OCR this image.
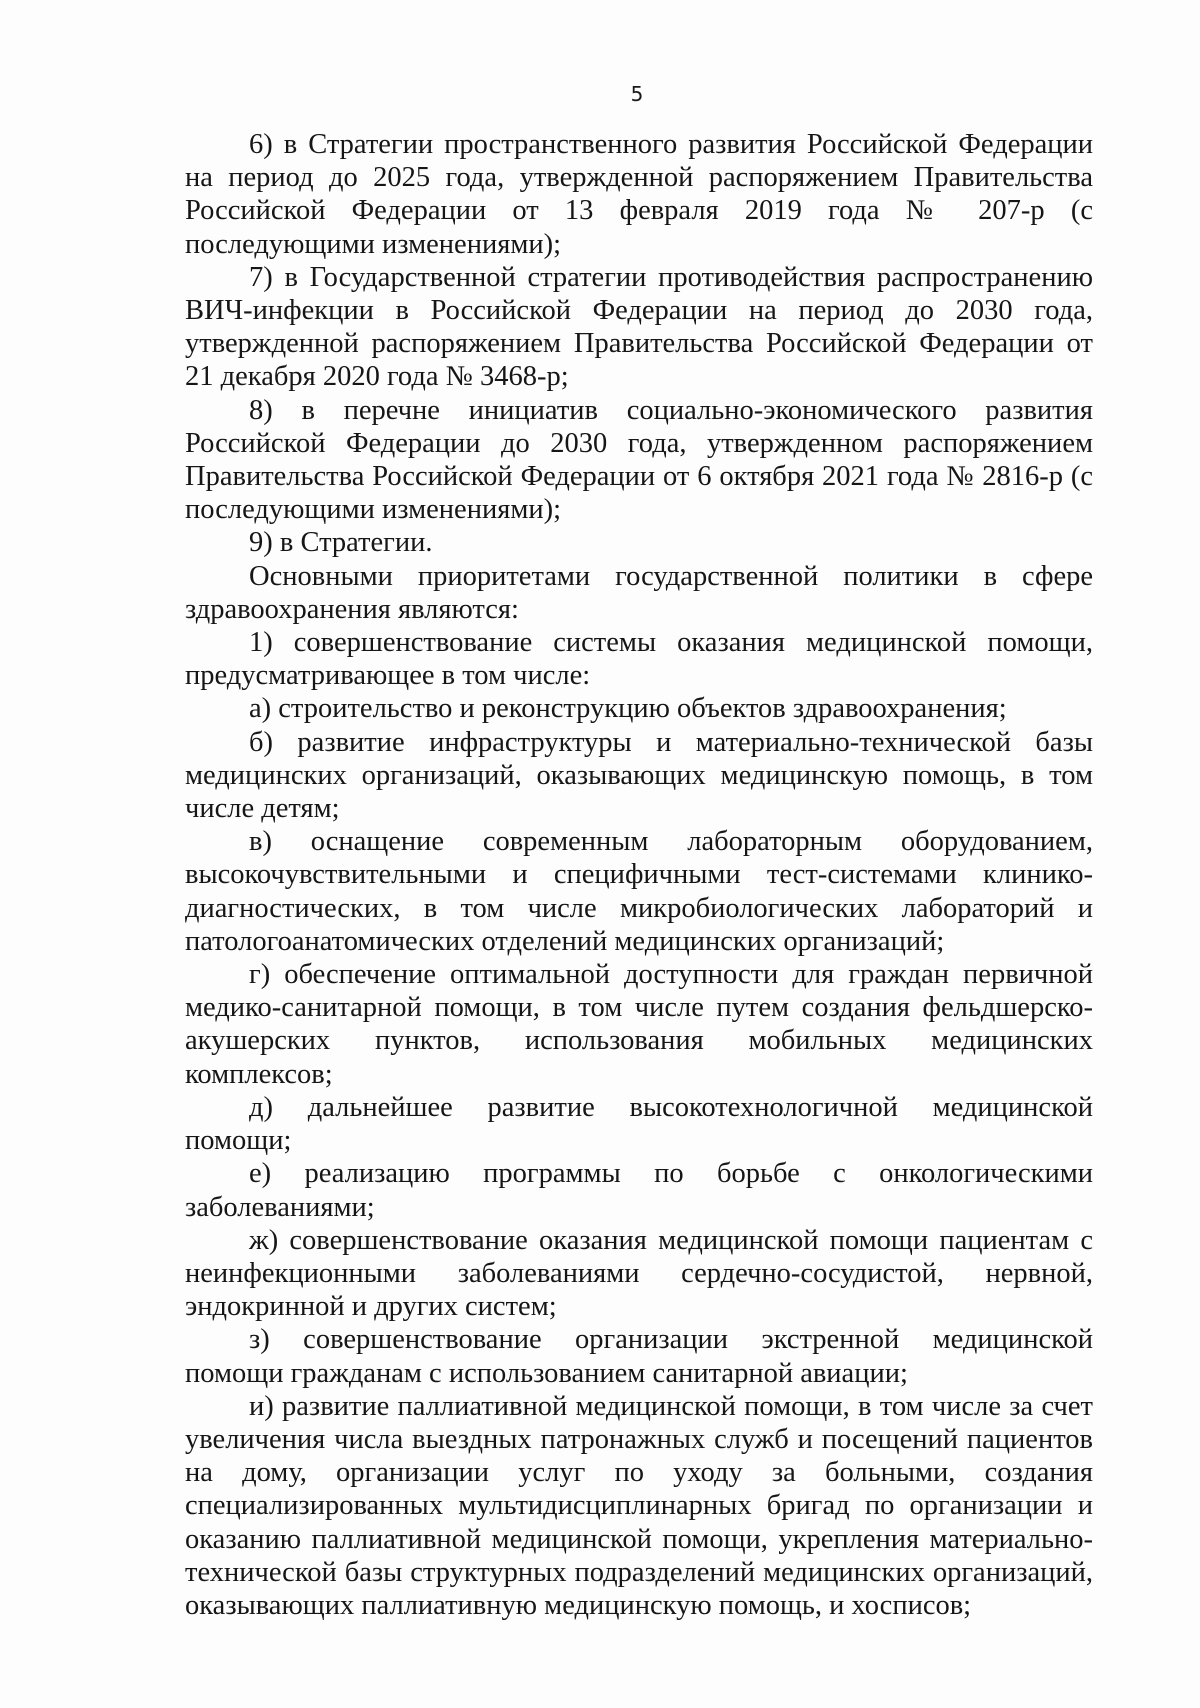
5

6) в Стратегии пространственного развития Российской Федерации на период до 2025 года, утвержденной распоряжением Правительства Российской Федерации от 13 февраля 2019 года № 207-р (с последующими изменениями);

7) в Государственной стратегии противодействия распространению ВИЧ-инфекции в Российской Федерации на период до 2030 года, утвержденной распоряжением Правительства Российской Федерации от 21 декабря 2020 года № 3468-р;

8) в перечне инициатив социально-экономического развития Российской Федерации до 2030 года, утвержденном распоряжением Правительства Российской Федерации от 6 октября 2021 года № 2816-р (с последующими изменениями);

9) в Стратегии.

Основными приоритетами государственной политики в сфере здравоохранения являются:

1) совершенствование системы оказания медицинской помощи, предусматривающее в том числе:

а) строительство и реконструкцию объектов здравоохранения;

б) развитие инфраструктуры и материально-технической базы медицинских организаций, оказывающих медицинскую помощь, в том числе детям;

в) оснащение современным лабораторным оборудованием, высокочувствительными и специфичными тест-системами клинико-диагностических, в том числе микробиологических лабораторий и патологоанатомических отделений медицинских организаций;

г) обеспечение оптимальной доступности для граждан первичной медико-санитарной помощи, в том числе путем создания фельдшерско-акушерских пунктов, использования мобильных медицинских комплексов;

д) дальнейшее развитие высокотехнологичной медицинской помощи;

е) реализацию программы по борьбе с онкологическими заболеваниями;

ж) совершенствование оказания медицинской помощи пациентам с неинфекционными заболеваниями сердечно-сосудистой, нервной, эндокринной и других систем;

з) совершенствование организации экстренной медицинской помощи гражданам с использованием санитарной авиации;

и) развитие паллиативной медицинской помощи, в том числе за счет увеличения числа выездных патронажных служб и посещений пациентов на дому, организации услуг по уходу за больными, создания специализированных мультидисциплинарных бригад по организации и оказанию паллиативной медицинской помощи, укрепления материально-технической базы структурных подразделений медицинских организаций, оказывающих паллиативную медицинскую помощь, и хосписов;
